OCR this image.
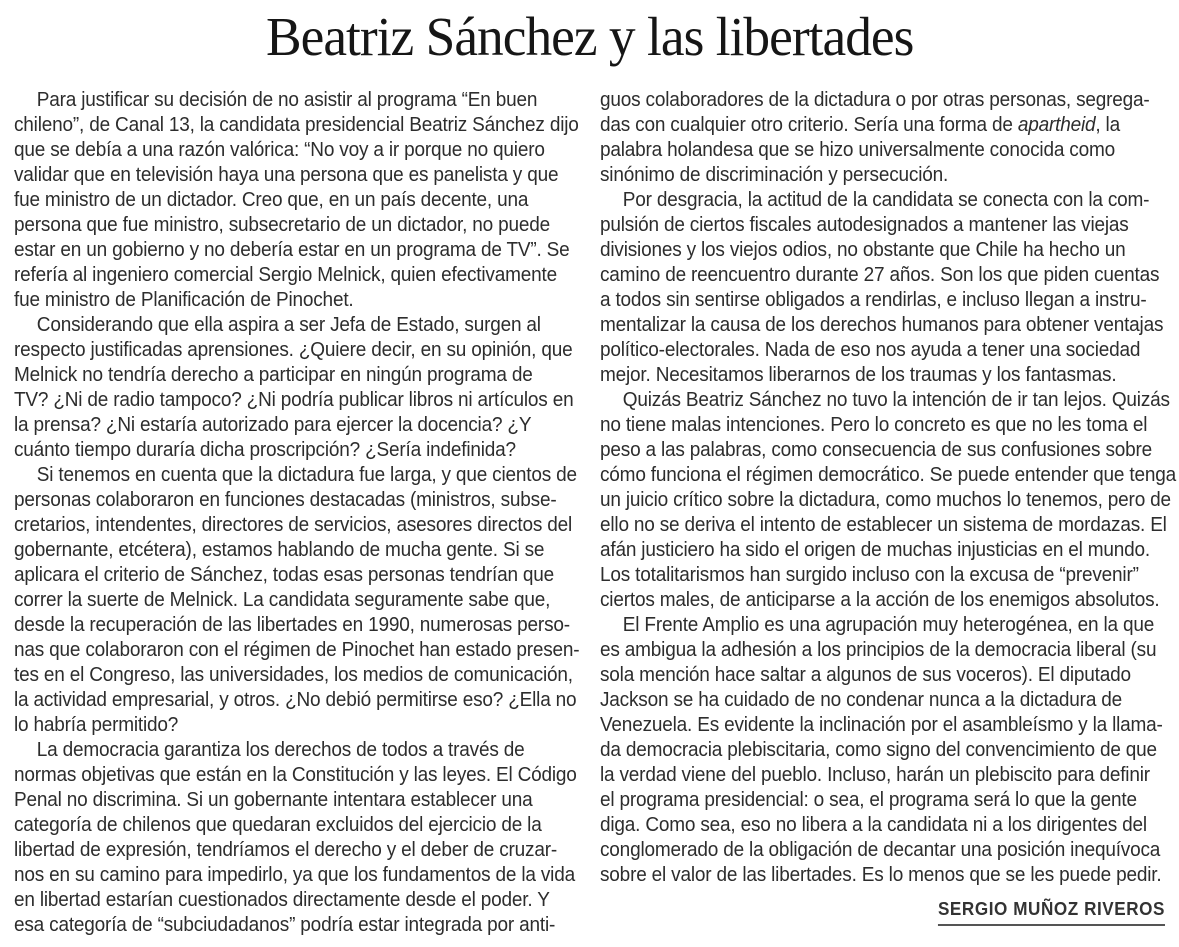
Beatriz Sánchez y las libertades
Para justificar su decisión de no asistir al programa “En buen
chileno”, de Canal 13, la candidata presidencial Beatriz Sánchez dijo
que se debía a una razón valórica: “No voy a ir porque no quiero
validar que en televisión haya una persona que es panelista y que
fue ministro de un dictador. Creo que, en un país decente, una
persona que fue ministro, subsecretario de un dictador, no puede
estar en un gobierno y no debería estar en un programa de TV”. Se
refería al ingeniero comercial Sergio Melnick, quien efectivamente
fue ministro de Planificación de Pinochet.
Considerando que ella aspira a ser Jefa de Estado, surgen al
respecto justificadas aprensiones. ¿Quiere decir, en su opinión, que
Melnick no tendría derecho a participar en ningún programa de
TV? ¿Ni de radio tampoco? ¿Ni podría publicar libros ni artículos en
la prensa? ¿Ni estaría autorizado para ejercer la docencia? ¿Y
cuánto tiempo duraría dicha proscripción? ¿Sería indefinida?
Si tenemos en cuenta que la dictadura fue larga, y que cientos de
personas colaboraron en funciones destacadas (ministros, subse-
cretarios, intendentes, directores de servicios, asesores directos del
gobernante, etcétera), estamos hablando de mucha gente. Si se
aplicara el criterio de Sánchez, todas esas personas tendrían que
correr la suerte de Melnick. La candidata seguramente sabe que,
desde la recuperación de las libertades en 1990, numerosas perso-
nas que colaboraron con el régimen de Pinochet han estado presen-
tes en el Congreso, las universidades, los medios de comunicación,
la actividad empresarial, y otros. ¿No debió permitirse eso? ¿Ella no
lo habría permitido?
La democracia garantiza los derechos de todos a través de
normas objetivas que están en la Constitución y las leyes. El Código
Penal no discrimina. Si un gobernante intentara establecer una
categoría de chilenos que quedaran excluidos del ejercicio de la
libertad de expresión, tendríamos el derecho y el deber de cruzar-
nos en su camino para impedirlo, ya que los fundamentos de la vida
en libertad estarían cuestionados directamente desde el poder. Y
esa categoría de “subciudadanos” podría estar integrada por anti-
guos colaboradores de la dictadura o por otras personas, segrega-
das con cualquier otro criterio. Sería una forma de apartheid, la
palabra holandesa que se hizo universalmente conocida como
sinónimo de discriminación y persecución.
Por desgracia, la actitud de la candidata se conecta con la com-
pulsión de ciertos fiscales autodesignados a mantener las viejas
divisiones y los viejos odios, no obstante que Chile ha hecho un
camino de reencuentro durante 27 años. Son los que piden cuentas
a todos sin sentirse obligados a rendirlas, e incluso llegan a instru-
mentalizar la causa de los derechos humanos para obtener ventajas
político-electorales. Nada de eso nos ayuda a tener una sociedad
mejor. Necesitamos liberarnos de los traumas y los fantasmas.
Quizás Beatriz Sánchez no tuvo la intención de ir tan lejos. Quizás
no tiene malas intenciones. Pero lo concreto es que no les toma el
peso a las palabras, como consecuencia de sus confusiones sobre
cómo funciona el régimen democrático. Se puede entender que tenga
un juicio crítico sobre la dictadura, como muchos lo tenemos, pero de
ello no se deriva el intento de establecer un sistema de mordazas. El
afán justiciero ha sido el origen de muchas injusticias en el mundo.
Los totalitarismos han surgido incluso con la excusa de “prevenir”
ciertos males, de anticiparse a la acción de los enemigos absolutos.
El Frente Amplio es una agrupación muy heterogénea, en la que
es ambigua la adhesión a los principios de la democracia liberal (su
sola mención hace saltar a algunos de sus voceros). El diputado
Jackson se ha cuidado de no condenar nunca a la dictadura de
Venezuela. Es evidente la inclinación por el asambleísmo y la llama-
da democracia plebiscitaria, como signo del convencimiento de que
la verdad viene del pueblo. Incluso, harán un plebiscito para definir
el programa presidencial: o sea, el programa será lo que la gente
diga. Como sea, eso no libera a la candidata ni a los dirigentes del
conglomerado de la obligación de decantar una posición inequívoca
sobre el valor de las libertades. Es lo menos que se les puede pedir.
SERGIO MUÑOZ RIVEROS
